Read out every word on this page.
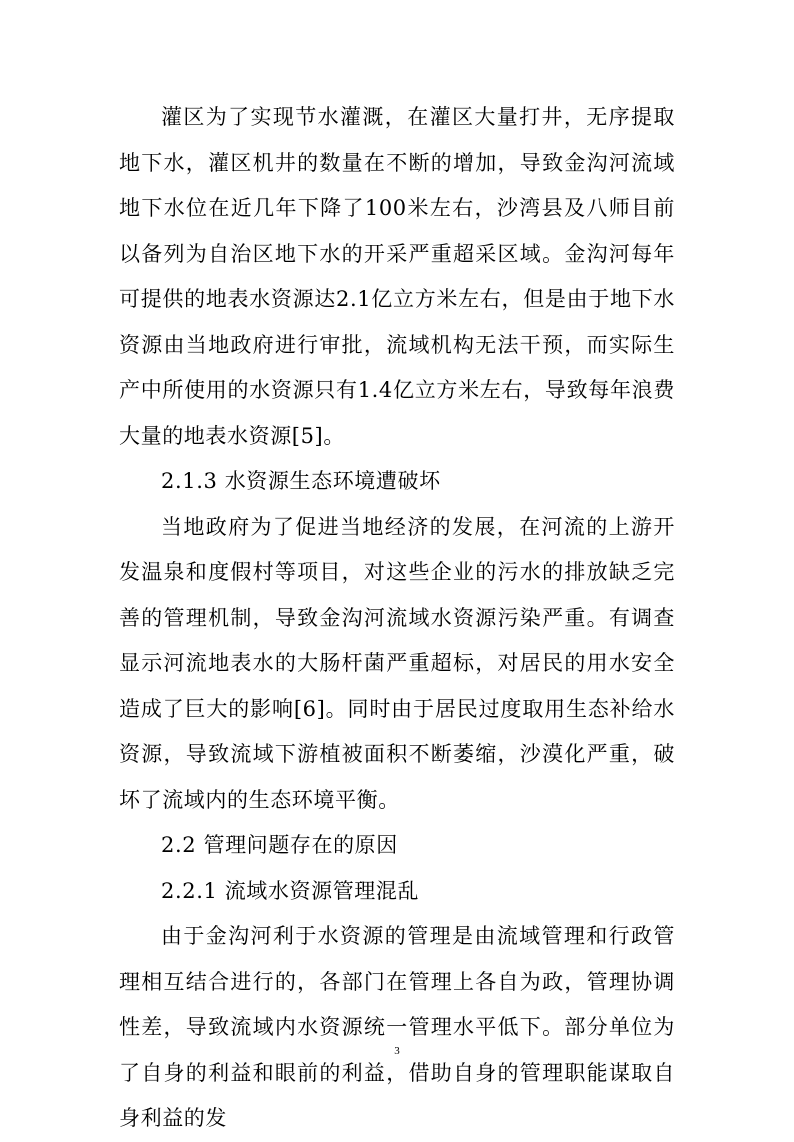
灌区为了实现节水灌溉，在灌区大量打井，无序提取地下水，灌区机井的数量在不断的增加，导致金沟河流域地下水位在近几年下降了100米左右，沙湾县及八师目前以备列为自治区地下水的开采严重超采区域。金沟河每年可提供的地表水资源达2.1亿立方米左右，但是由于地下水资源由当地政府进行审批，流域机构无法干预，而实际生产中所使用的水资源只有1.4亿立方米左右，导致每年浪费大量的地表水资源[5]。

2.1.3 水资源生态环境遭破坏

当地政府为了促进当地经济的发展，在河流的上游开发温泉和度假村等项目，对这些企业的污水的排放缺乏完善的管理机制，导致金沟河流域水资源污染严重。有调查显示河流地表水的大肠杆菌严重超标，对居民的用水安全造成了巨大的影响[6]。同时由于居民过度取用生态补给水资源，导致流域下游植被面积不断萎缩，沙漠化严重，破坏了流域内的生态环境平衡。

2.2 管理问题存在的原因

2.2.1 流域水资源管理混乱

由于金沟河利于水资源的管理是由流域管理和行政管理相互结合进行的，各部门在管理上各自为政，管理协调性差，导致流域内水资源统一管理水平低下。部分单位为了自身的利益和眼前的利益，借助自身的管理职能谋取自身利益的发

3
